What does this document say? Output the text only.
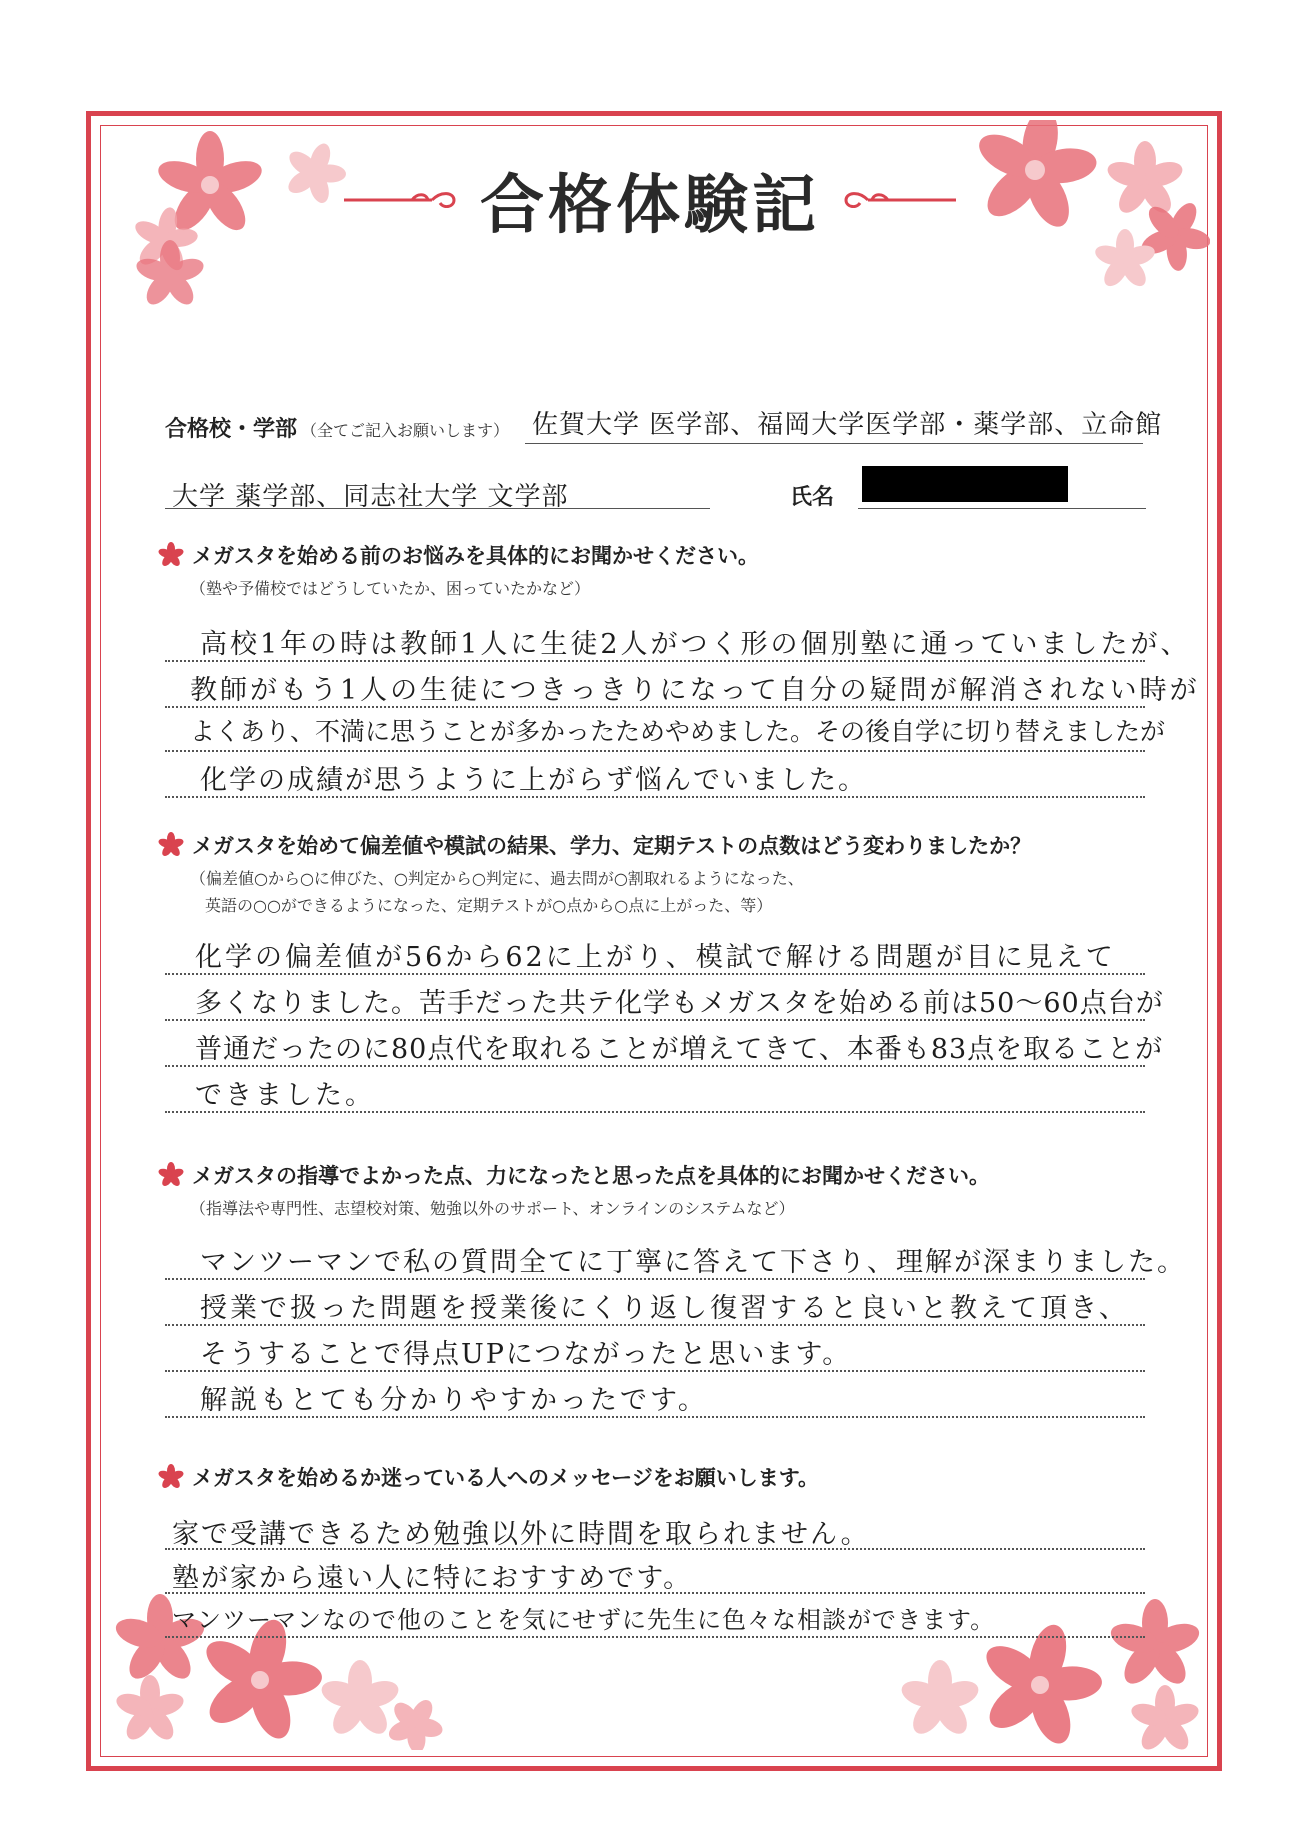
合格体験記
合格校・学部 （全てご記入お願いします） 佐賀大学 医学部、福岡大学医学部・薬学部、立命館
大学 薬学部、同志社大学 文学部	氏名
メガスタを始める前のお悩みを具体的にお聞かせください。
（塾や予備校ではどうしていたか、困っていたかなど）
高校1年の時は教師1人に生徒2人がつく形の個別塾に通っていましたが、
教師がもう1人の生徒につきっきりになって自分の疑問が解消されない時が
よくあり、不満に思うことが多かったためやめました。その後自学に切り替えましたが
化学の成績が思うように上がらず悩んでいました。
メガスタを始めて偏差値や模試の結果、学力、定期テストの点数はどう変わりましたか？
（偏差値○から○に伸びた、○判定から○判定に、過去問が○割取れるようになった、
英語の○○ができるようになった、定期テストが○点から○点に上がった、等）
化学の偏差値が56から62に上がり、模試で解ける問題が目に見えて
多くなりました。苦手だった共テ化学もメガスタを始める前は50〜60点台が
普通だったのに80点代を取れることが増えてきて、本番も83点を取ることが
できました。
メガスタの指導でよかった点、力になったと思った点を具体的にお聞かせください。
（指導法や専門性、志望校対策、勉強以外のサポート、オンラインのシステムなど）
マンツーマンで私の質問全てに丁寧に答えて下さり、理解が深まりました。
授業で扱った問題を授業後にくり返し復習すると良いと教えて頂き、
そうすることで得点UPにつながったと思います。
解説もとても分かりやすかったです。
メガスタを始めるか迷っている人へのメッセージをお願いします。
家で受講できるため勉強以外に時間を取られません。
塾が家から遠い人に特におすすめです。
マンツーマンなので他のことを気にせずに先生に色々な相談ができます。
